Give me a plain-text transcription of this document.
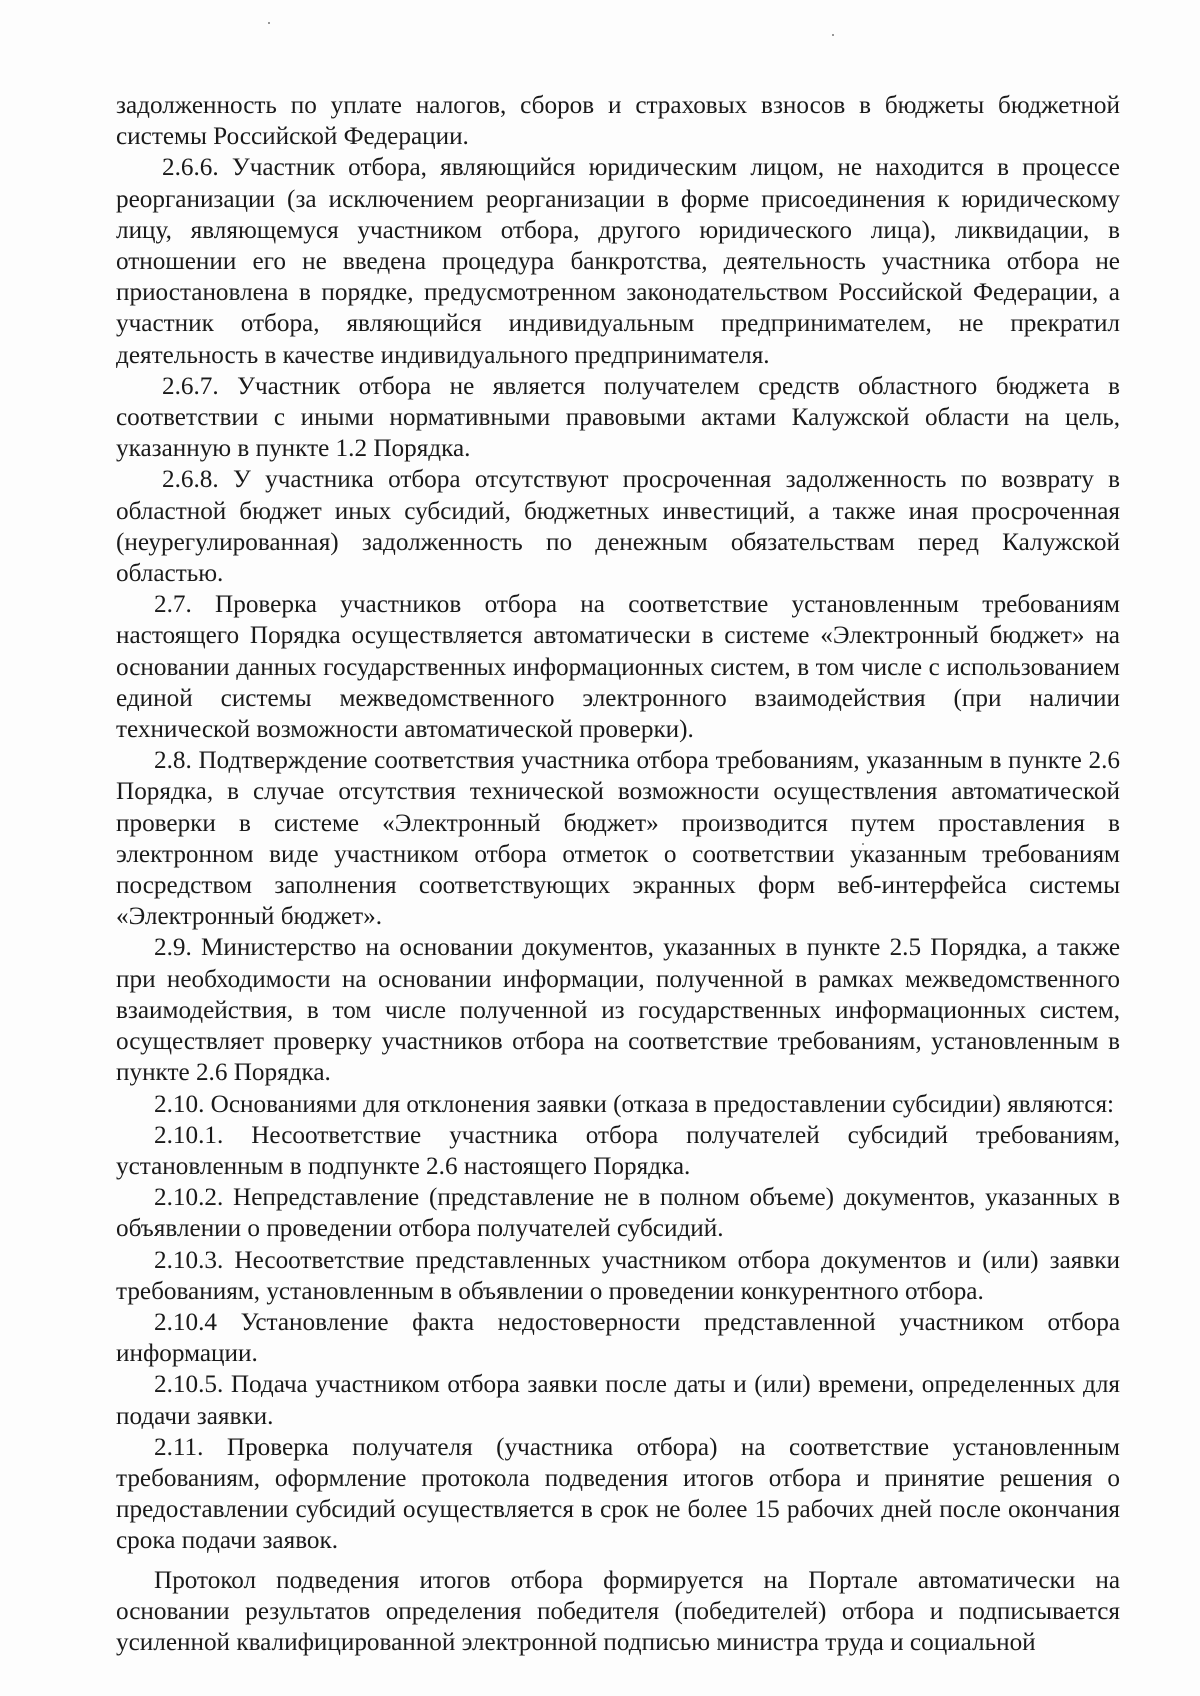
задолженность по уплате налогов, сборов и страховых взносов в бюджеты бюджетной системы Российской Федерации.

2.6.6. Участник отбора, являющийся юридическим лицом, не находится в процессе реорганизации (за исключением реорганизации в форме присоединения к юридическому лицу, являющемуся участником отбора, другого юридического лица), ликвидации, в отношении его не введена процедура банкротства, деятельность участника отбора не приостановлена в порядке, предусмотренном законодательством Российской Федерации, а участник отбора, являющийся индивидуальным предпринимателем, не прекратил деятельность в качестве индивидуального предпринимателя.

2.6.7. Участник отбора не является получателем средств областного бюджета в соответствии с иными нормативными правовыми актами Калужской области на цель, указанную в пункте 1.2 Порядка.

2.6.8. У участника отбора отсутствуют просроченная задолженность по возврату в областной бюджет иных субсидий, бюджетных инвестиций, а также иная просроченная (неурегулированная) задолженность по денежным обязательствам перед Калужской областью.

2.7. Проверка участников отбора на соответствие установленным требованиям настоящего Порядка осуществляется автоматически в системе «Электронный бюджет» на основании данных государственных информационных систем, в том числе с использованием единой системы межведомственного электронного взаимодействия (при наличии технической возможности автоматической проверки).

2.8. Подтверждение соответствия участника отбора требованиям, указанным в пункте 2.6 Порядка, в случае отсутствия технической возможности осуществления автоматической проверки в системе «Электронный бюджет» производится путем проставления в электронном виде участником отбора отметок о соответствии указанным требованиям посредством заполнения соответствующих экранных форм веб-интерфейса системы «Электронный бюджет».

2.9. Министерство на основании документов, указанных в пункте 2.5 Порядка, а также при необходимости на основании информации, полученной в рамках межведомственного взаимодействия, в том числе полученной из государственных информационных систем, осуществляет проверку участников отбора на соответствие требованиям, установленным в пункте 2.6 Порядка.

2.10. Основаниями для отклонения заявки (отказа в предоставлении субсидии) являются:

2.10.1. Несоответствие участника отбора получателей субсидий требованиям, установленным в подпункте 2.6 настоящего Порядка.

2.10.2. Непредставление (представление не в полном объеме) документов, указанных в объявлении о проведении отбора получателей субсидий.

2.10.3. Несоответствие представленных участником отбора документов и (или) заявки требованиям, установленным в объявлении о проведении конкурентного отбора.

2.10.4 Установление факта недостоверности представленной участником отбора информации.

2.10.5. Подача участником отбора заявки после даты и (или) времени, определенных для подачи заявки.

2.11. Проверка получателя (участника отбора) на соответствие установленным требованиям, оформление протокола подведения итогов отбора и принятие решения о предоставлении субсидий осуществляется в срок не более 15 рабочих дней после окончания срока подачи заявок.

Протокол подведения итогов отбора формируется на Портале автоматически на основании результатов определения победителя (победителей) отбора и подписывается усиленной квалифицированной электронной подписью министра труда и социальной
